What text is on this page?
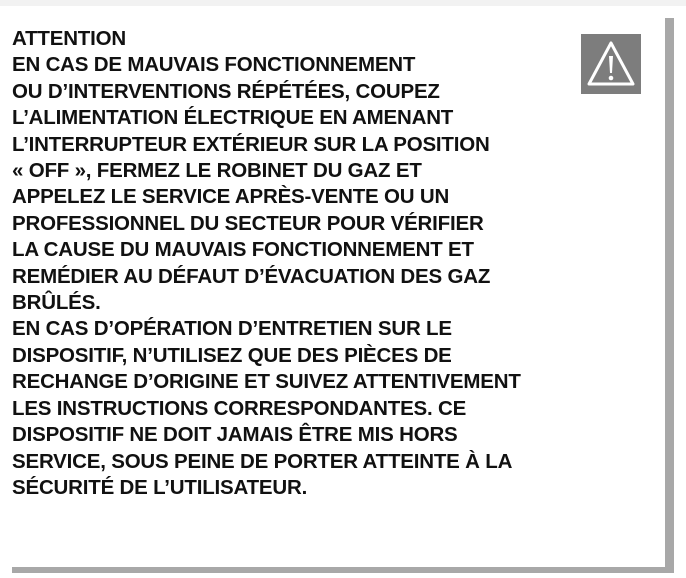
ATTENTION
EN CAS DE MAUVAIS FONCTIONNEMENT
OU D’INTERVENTIONS RÉPÉTÉES, COUPEZ
L’ALIMENTATION ÉLECTRIQUE EN AMENANT
L’INTERRUPTEUR EXTÉRIEUR SUR LA POSITION
« OFF », FERMEZ LE ROBINET DU GAZ ET
APPELEZ LE SERVICE APRÈS-VENTE OU UN
PROFESSIONNEL DU SECTEUR POUR VÉRIFIER
LA CAUSE DU MAUVAIS FONCTIONNEMENT ET
REMÉDIER AU DÉFAUT D’ÉVACUATION DES GAZ
BRÛLÉS.
EN CAS D’OPÉRATION D’ENTRETIEN SUR LE
DISPOSITIF, N’UTILISEZ QUE DES PIÈCES DE
RECHANGE D’ORIGINE ET SUIVEZ ATTENTIVEMENT
LES INSTRUCTIONS CORRESPONDANTES. CE
DISPOSITIF NE DOIT JAMAIS ÊTRE MIS HORS
SERVICE, SOUS PEINE DE PORTER ATTEINTE À LA
SÉCURITÉ DE L’UTILISATEUR.
